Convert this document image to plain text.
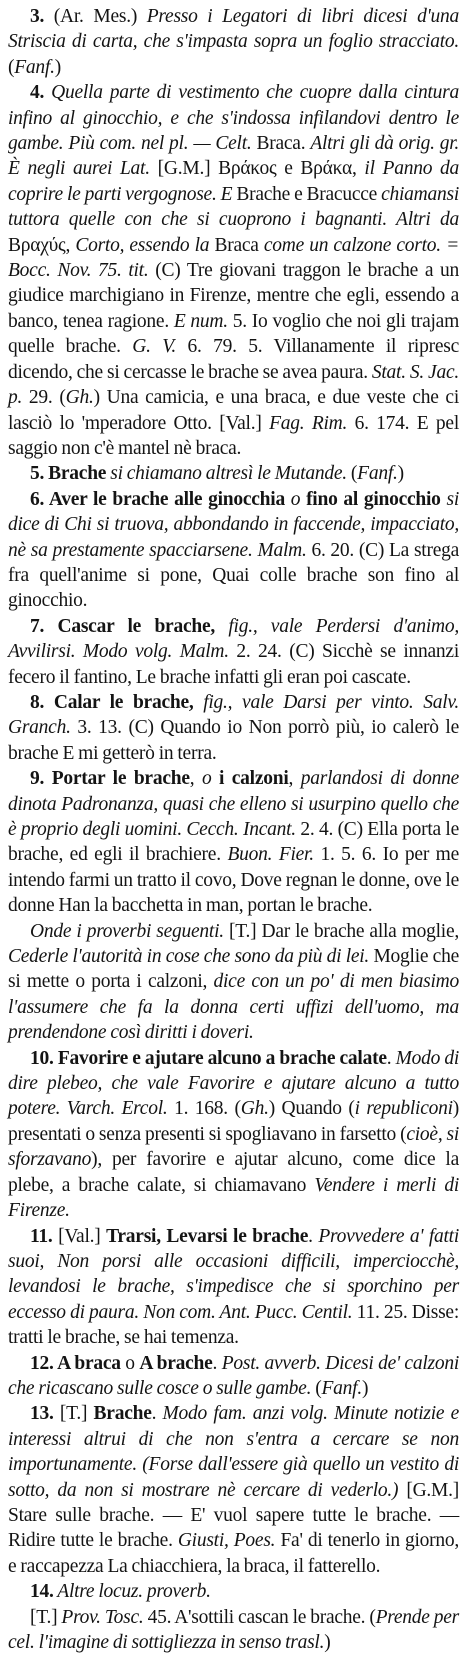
3. (Ar. Mes.) Presso i Legatori di libri dicesi d'una Striscia di carta, che s'impasta sopra un foglio stracciato. (Fanf.)

4. Quella parte di vestimento che cuopre dalla cintura infino al ginocchio, e che s'indossa infilandovi dentro le gambe. Più com. nel pl. — Celt. Braca. Altri gli dà orig. gr. È negli aurei Lat. [G.M.] Βράκος e Βράκα, il Panno da coprire le parti vergognose. E Brache e Bracucce chiamansi tuttora quelle con che si cuoprono i bagnanti. Altri da Βραχύς, Corto, essendo la Braca come un calzone corto. = Bocc. Nov. 75. tit. (C) Tre giovani traggon le brache a un giudice marchigiano in Firenze, mentre che egli, essendo a banco, tenea ragione. E num. 5. Io voglio che noi gli trajam quelle brache. G. V. 6. 79. 5. Villanamente il ripresc dicendo, che si cercasse le brache se avea paura. Stat. S. Jac. p. 29. (Gh.) Una camicia, e una braca, e due veste che ci lasciò lo 'mperadore Otto. [Val.] Fag. Rim. 6. 174. E pel saggio non c'è mantel nè braca.

5. Brache si chiamano altresì le Mutande. (Fanf.)

6. Aver le brache alle ginocchia o fino al ginocchio si dice di Chi si truova, abbondando in faccende, impacciato, nè sa prestamente spacciarsene. Malm. 6. 20. (C) La strega fra quell'anime si pone, Quai colle brache son fino al ginocchio.

7. Cascar le brache, fig., vale Perdersi d'animo, Avvilirsi. Modo volg. Malm. 2. 24. (C) Sicchè se innanzi fecero il fantino, Le brache infatti gli eran poi cascate.

8. Calar le brache, fig., vale Darsi per vinto. Salv. Granch. 3. 13. (C) Quando io Non porrò più, io calerò le brache E mi getterò in terra.

9. Portar le brache, o i calzoni, parlandosi di donne dinota Padronanza, quasi che elleno si usurpino quello che è proprio degli uomini. Cecch. Incant. 2. 4. (C) Ella porta le brache, ed egli il brachiere. Buon. Fier. 1. 5. 6. Io per me intendo farmi un tratto il covo, Dove regnan le donne, ove le donne Han la bacchetta in man, portan le brache.

Onde i proverbi seguenti. [T.] Dar le brache alla moglie, Cederle l'autorità in cose che sono da più di lei. Moglie che si mette o porta i calzoni, dice con un po' di men biasimo l'assumere che fa la donna certi uffizi dell'uomo, ma prendendone così diritti i doveri.

10. Favorire e ajutare alcuno a brache calate. Modo di dire plebeo, che vale Favorire e ajutare alcuno a tutto potere. Varch. Ercol. 1. 168. (Gh.) Quando (i republiconi) presentati o senza presenti si spogliavano in farsetto (cioè, si sforzavano), per favorire e ajutar alcuno, come dice la plebe, a brache calate, si chiamavano Vendere i merli di Firenze.

11. [Val.] Trarsi, Levarsi le brache. Provvedere a' fatti suoi, Non porsi alle occasioni difficili, imperciocchè, levandosi le brache, s'impedisce che si sporchino per eccesso di paura. Non com. Ant. Pucc. Centil. 11. 25. Disse: tratti le brache, se hai temenza.

12. A braca o A brache. Post. avverb. Dicesi de' calzoni che ricascano sulle cosce o sulle gambe. (Fanf.)

13. [T.] Brache. Modo fam. anzi volg. Minute notizie e interessi altrui di che non s'entra a cercare se non importunamente. (Forse dall'essere già quello un vestito di sotto, da non si mostrare nè cercare di vederlo.) [G.M.] Stare sulle brache. — E' vuol sapere tutte le brache. — Ridire tutte le brache. Giusti, Poes. Fa' di tenerlo in giorno, e raccapezza La chiacchiera, la braca, il fatterello.

14. Altre locuz. proverb.

[T.] Prov. Tosc. 45. A'sottili cascan le brache. (Prende per cel. l'imagine di sottigliezza in senso trasl.)
